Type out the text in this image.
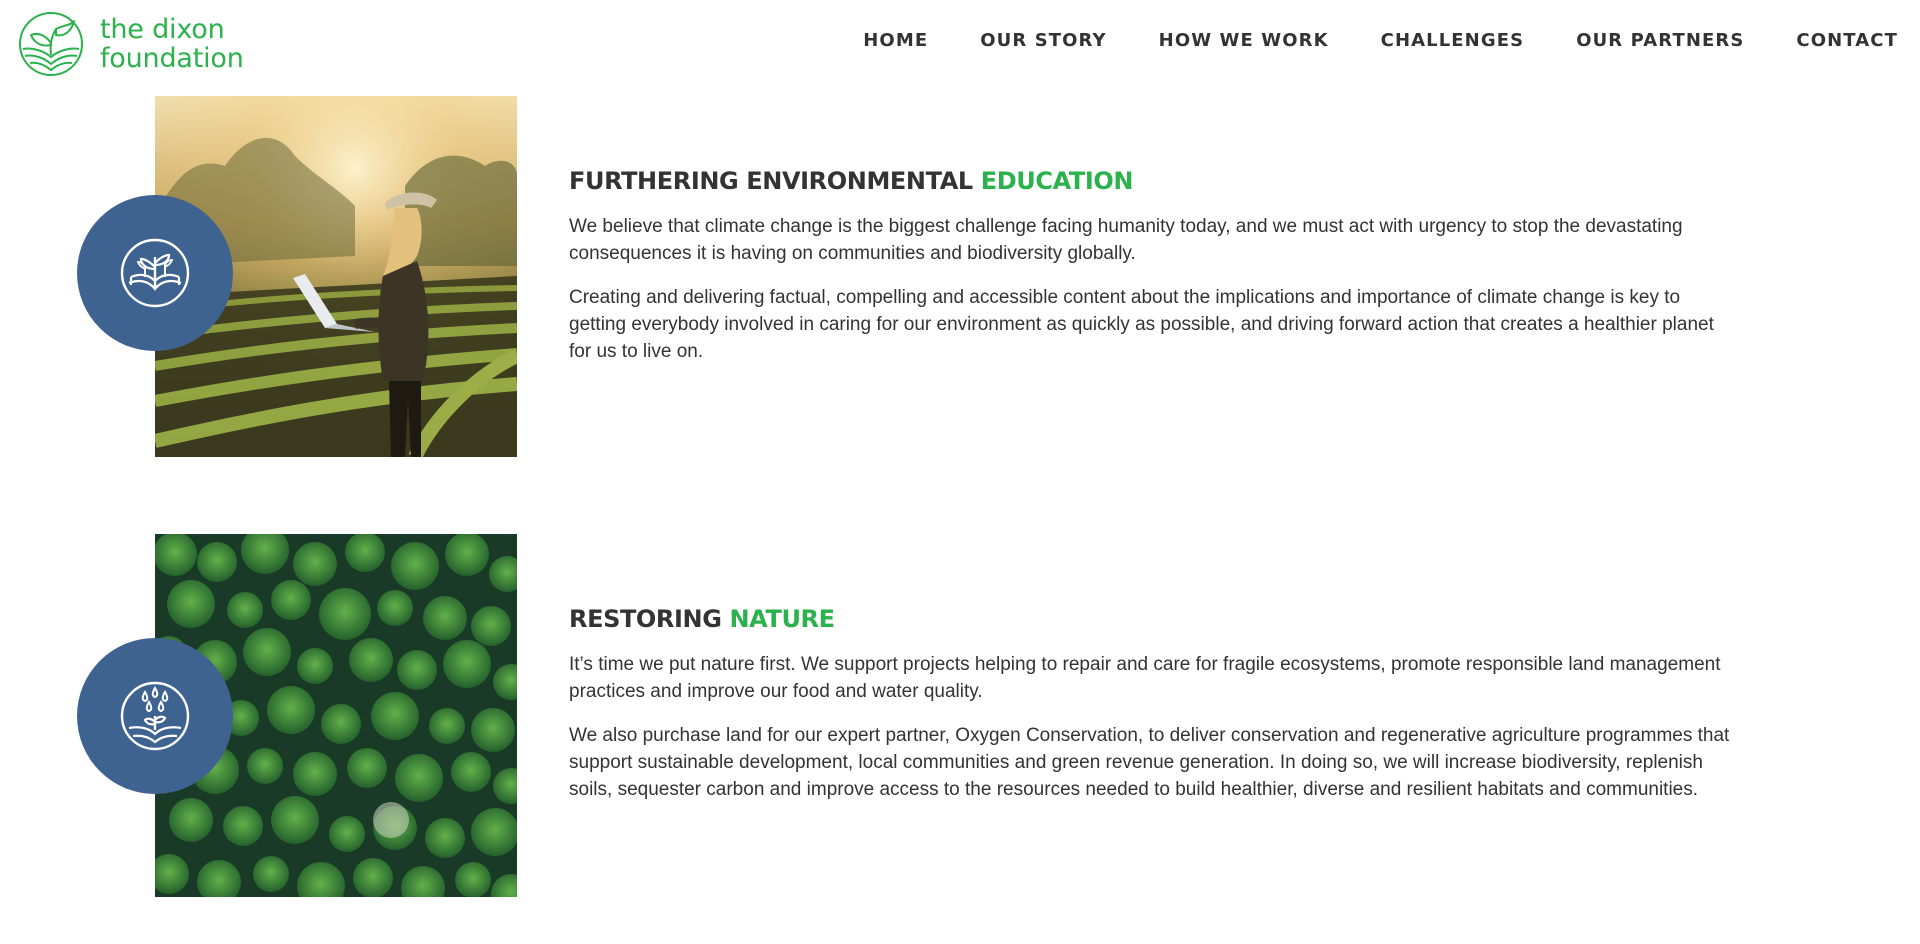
the dixon
foundation
HOME	OUR STORY	HOW WE WORK	CHALLENGES	OUR PARTNERS	CONTACT
FURTHERING ENVIRONMENTAL EDUCATION

We believe that climate change is the biggest challenge facing humanity today, and we must act with urgency to stop the devastating consequences it is having on communities and biodiversity globally.

Creating and delivering factual, compelling and accessible content about the implications and importance of climate change is key to getting everybody involved in caring for our environment as quickly as possible, and driving forward action that creates a healthier planet for us to live on.

RESTORING NATURE

It’s time we put nature first. We support projects helping to repair and care for fragile ecosystems, promote responsible land management practices and improve our food and water quality.

We also purchase land for our expert partner, Oxygen Conservation, to deliver conservation and regenerative agriculture programmes that support sustainable development, local communities and green revenue generation. In doing so, we will increase biodiversity, replenish soils, sequester carbon and improve access to the resources needed to build healthier, diverse and resilient habitats and communities.
